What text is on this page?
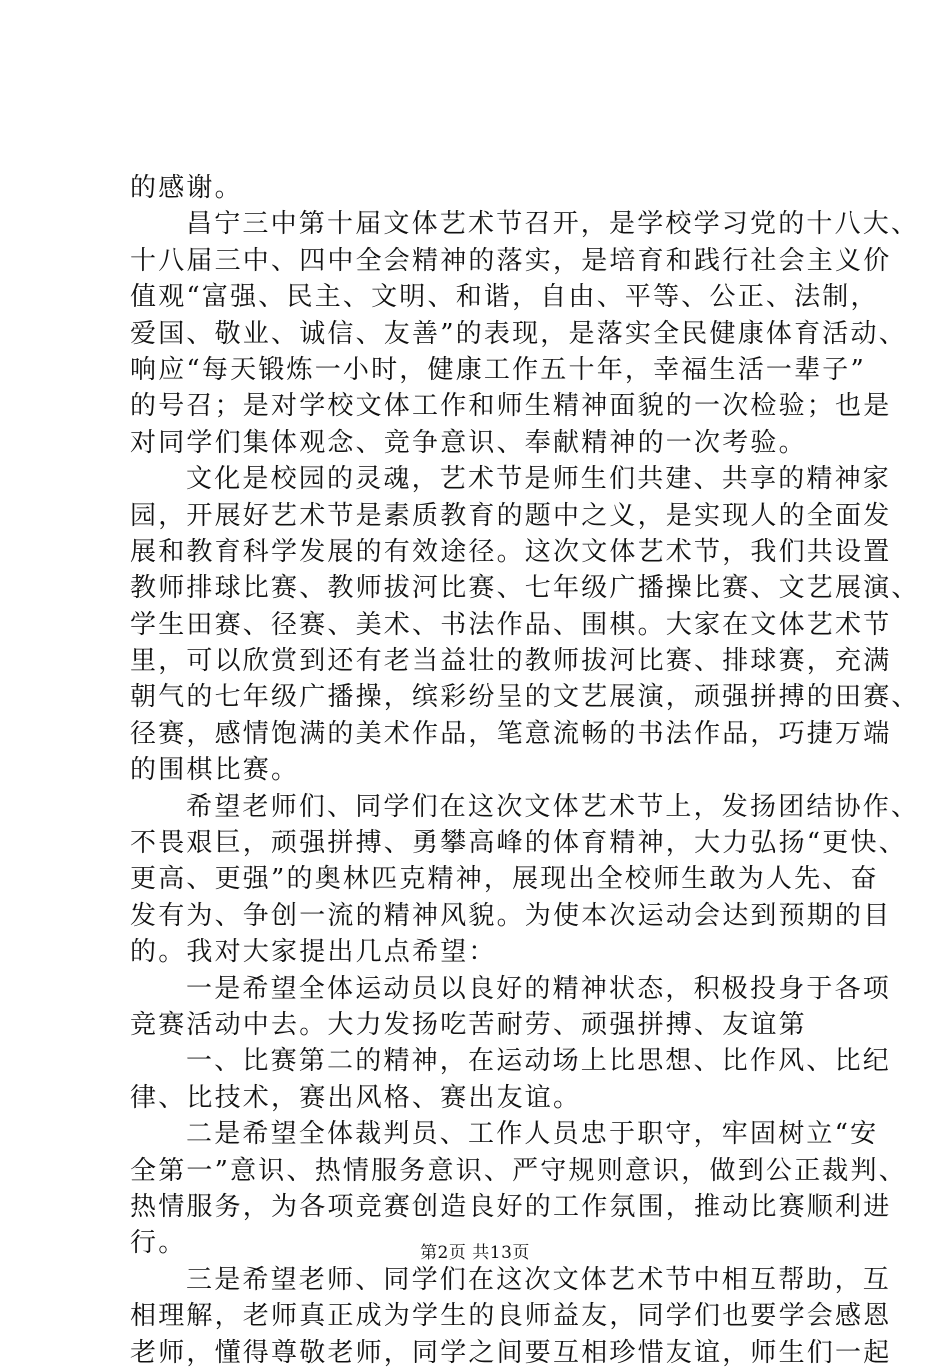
的感谢。
昌宁三中第十届文体艺术节召开，是学校学习党的十八大、
十八届三中、四中全会精神的落实，是培育和践行社会主义价
值观“富强、民主、文明、和谐，自由、平等、公正、法制，
爱国、敬业、诚信、友善”的表现，是落实全民健康体育活动、
响应“每天锻炼一小时，健康工作五十年，幸福生活一辈子”
的号召；是对学校文体工作和师生精神面貌的一次检验；也是
对同学们集体观念、竞争意识、奉献精神的一次考验。
文化是校园的灵魂，艺术节是师生们共建、共享的精神家
园，开展好艺术节是素质教育的题中之义，是实现人的全面发
展和教育科学发展的有效途径。这次文体艺术节，我们共设置
教师排球比赛、教师拔河比赛、七年级广播操比赛、文艺展演、
学生田赛、径赛、美术、书法作品、围棋。大家在文体艺术节
里，可以欣赏到还有老当益壮的教师拔河比赛、排球赛，充满
朝气的七年级广播操，缤彩纷呈的文艺展演，顽强拼搏的田赛、
径赛，感情饱满的美术作品，笔意流畅的书法作品，巧捷万端
的围棋比赛。
希望老师们、同学们在这次文体艺术节上，发扬团结协作、
不畏艰巨，顽强拼搏、勇攀高峰的体育精神，大力弘扬“更快、
更高、更强”的奥林匹克精神，展现出全校师生敢为人先、奋
发有为、争创一流的精神风貌。为使本次运动会达到预期的目
的。我对大家提出几点希望：
一是希望全体运动员以良好的精神状态，积极投身于各项
竞赛活动中去。大力发扬吃苦耐劳、顽强拼搏、友谊第
一、比赛第二的精神，在运动场上比思想、比作风、比纪
律、比技术，赛出风格、赛出友谊。
二是希望全体裁判员、工作人员忠于职守，牢固树立“安
全第一”意识、热情服务意识、严守规则意识，做到公正裁判、
热情服务，为各项竞赛创造良好的工作氛围，推动比赛顺利进
行。
三是希望老师、同学们在这次文体艺术节中相互帮助，互
相理解，老师真正成为学生的良师益友，同学们也要学会感恩
老师，懂得尊敬老师，同学之间要互相珍惜友谊，师生们一起
第2页 共13页
